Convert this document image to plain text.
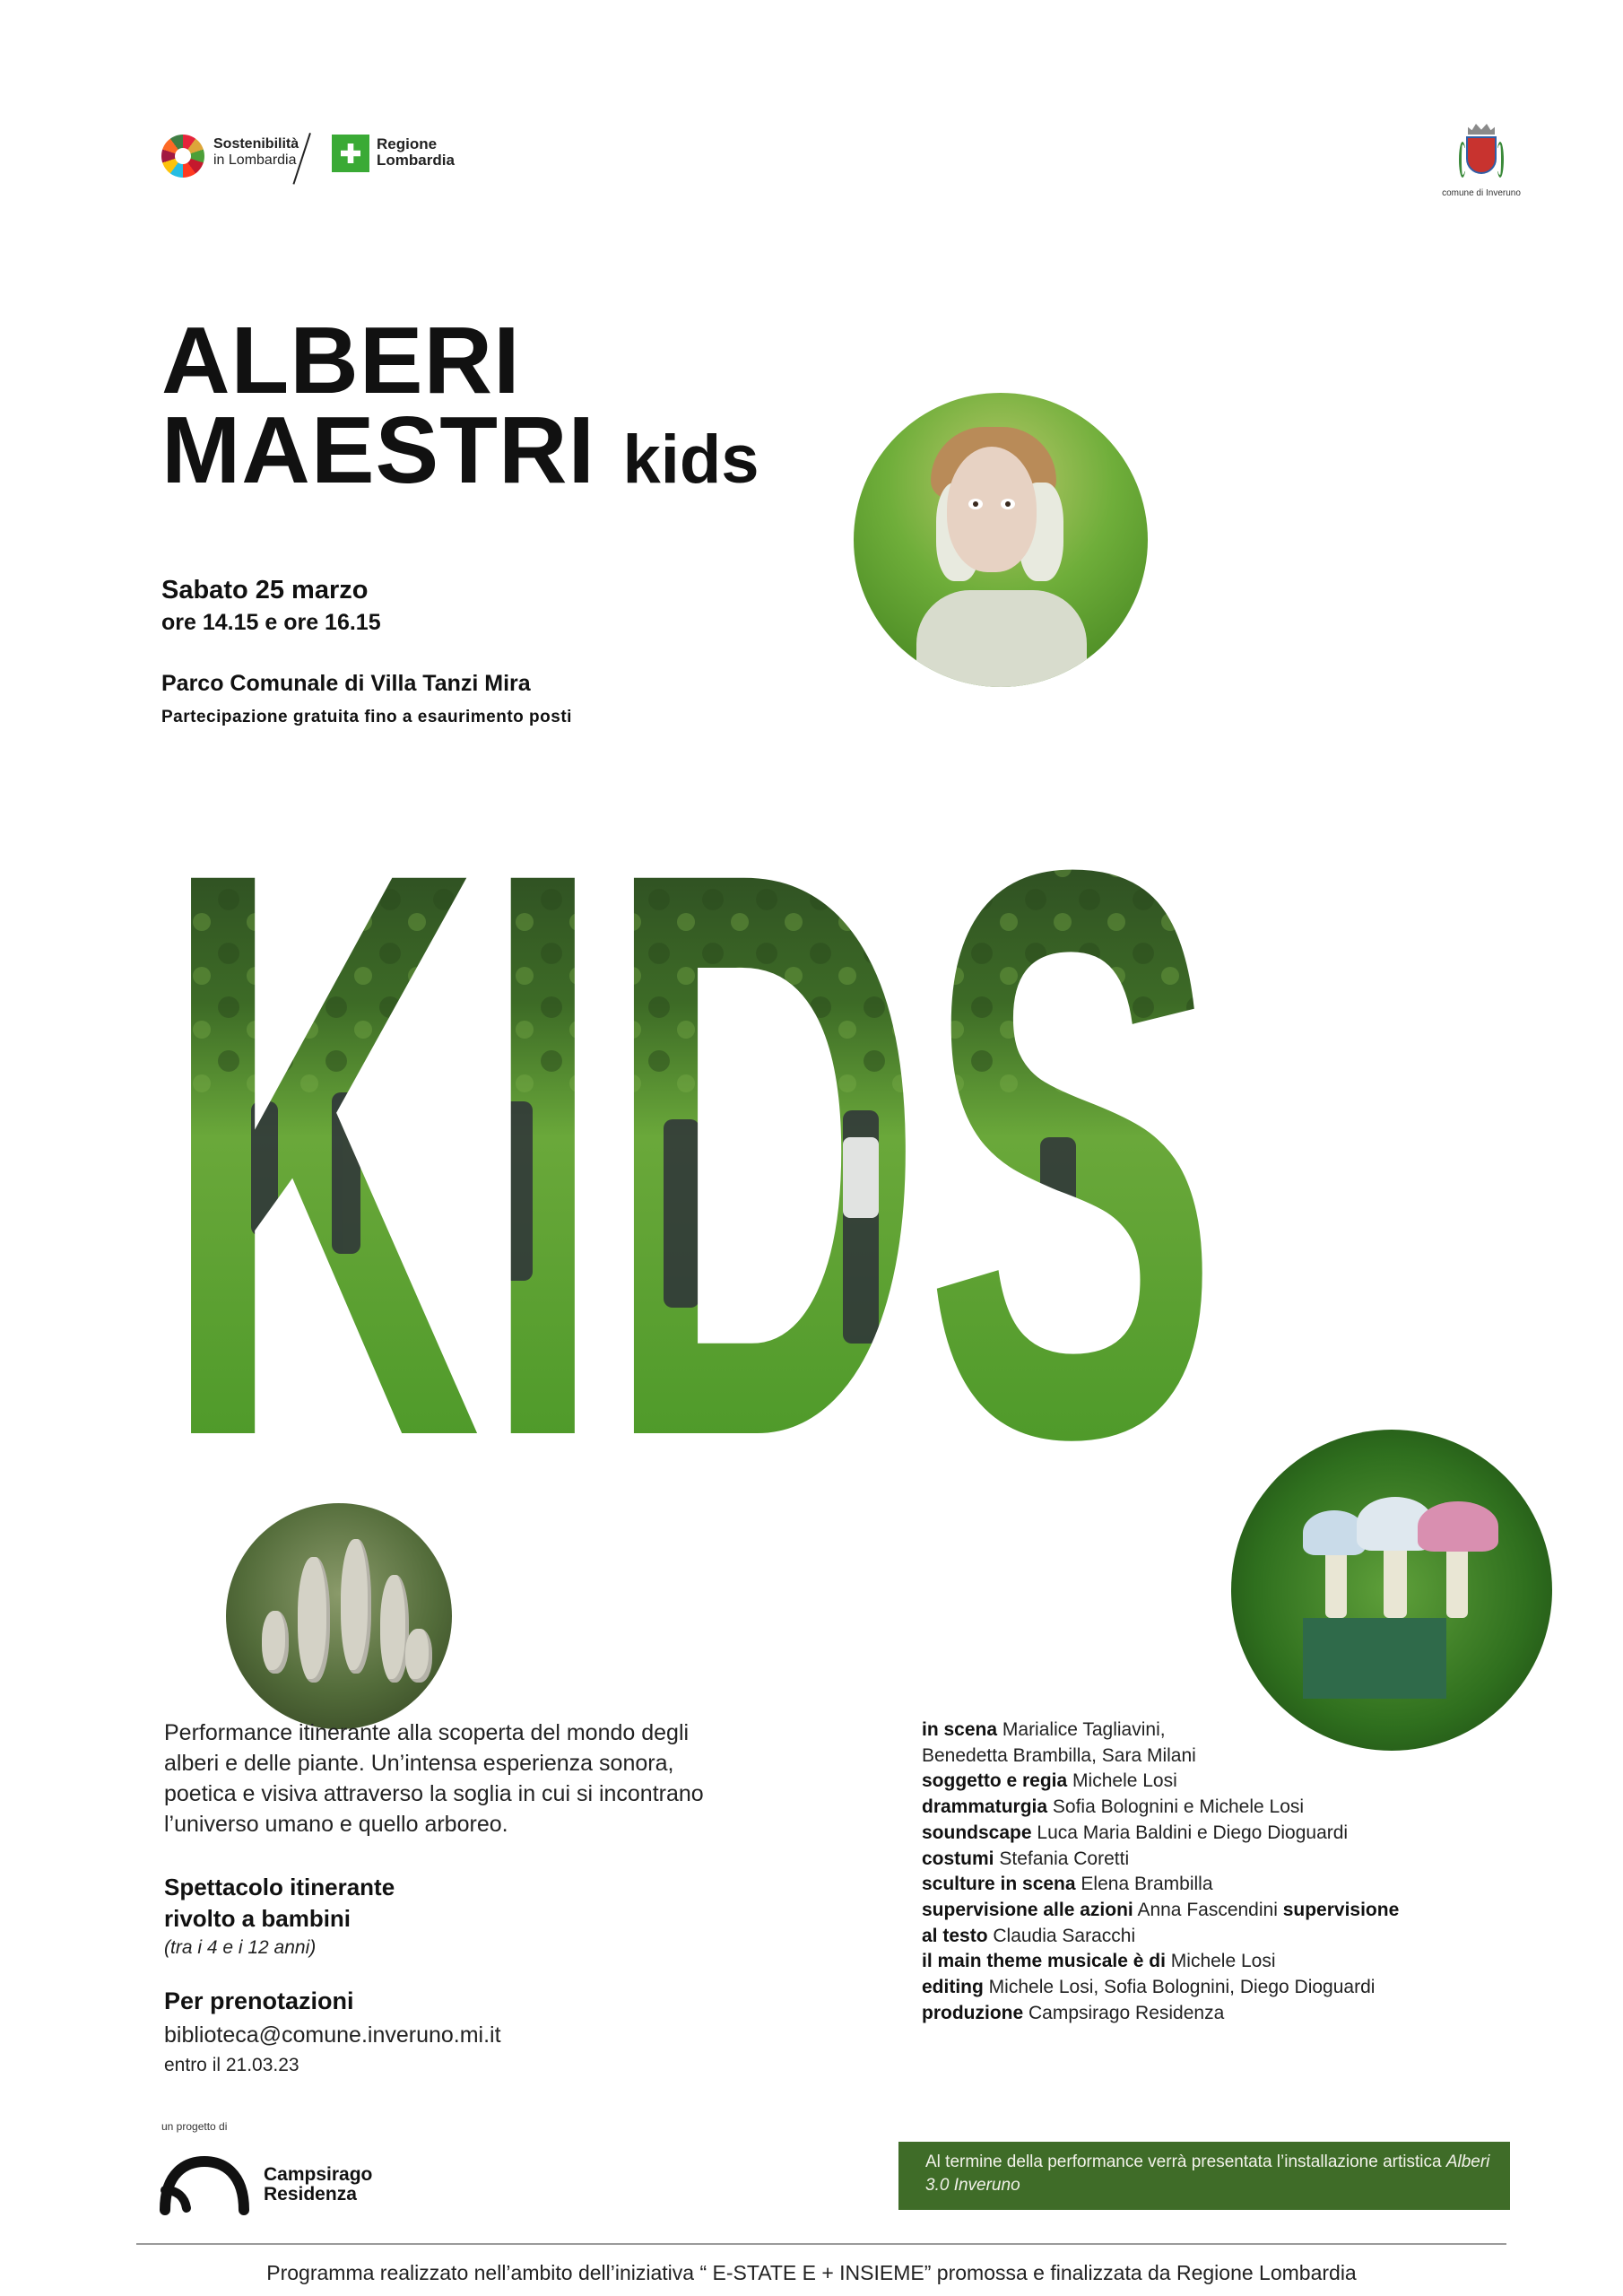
Sostenibilità
in Lombardia
Regione
Lombardia
comune di Inveruno
ALBERI
MAESTRI kids
Sabato 25 marzo
ore 14.15 e ore 16.15
Parco Comunale di Villa Tanzi Mira
Partecipazione gratuita fino a esaurimento posti
Performance itinerante alla scoperta del mondo degli alberi e delle piante. Un’intensa esperienza sonora, poetica e visiva attraverso la soglia in cui si incontrano l’universo umano e quello arboreo.
Spettacolo itinerante
rivolto a bambini
(tra i 4 e i 12 anni)
Per prenotazioni
biblioteca@comune.inveruno.mi.it
entro il 21.03.23
in scena Marialice Tagliavini,
Benedetta Brambilla, Sara Milani
soggetto e regia Michele Losi
drammaturgia Sofia Bolognini e Michele Losi
soundscape Luca Maria Baldini e Diego Dioguardi
costumi Stefania Coretti
sculture in scena Elena Brambilla
supervisione alle azioni Anna Fascendini supervisione
al testo Claudia Saracchi
il main theme musicale è di Michele Losi
editing Michele Losi, Sofia Bolognini, Diego Dioguardi
produzione Campsirago Residenza
un progetto di
Campsirago
Residenza
Al termine della performance verrà presentata l’installazione artistica Alberi 3.0 Inveruno
Programma realizzato nell’ambito dell’iniziativa “ E-STATE E + INSIEME” promossa e finalizzata da Regione Lombardia
